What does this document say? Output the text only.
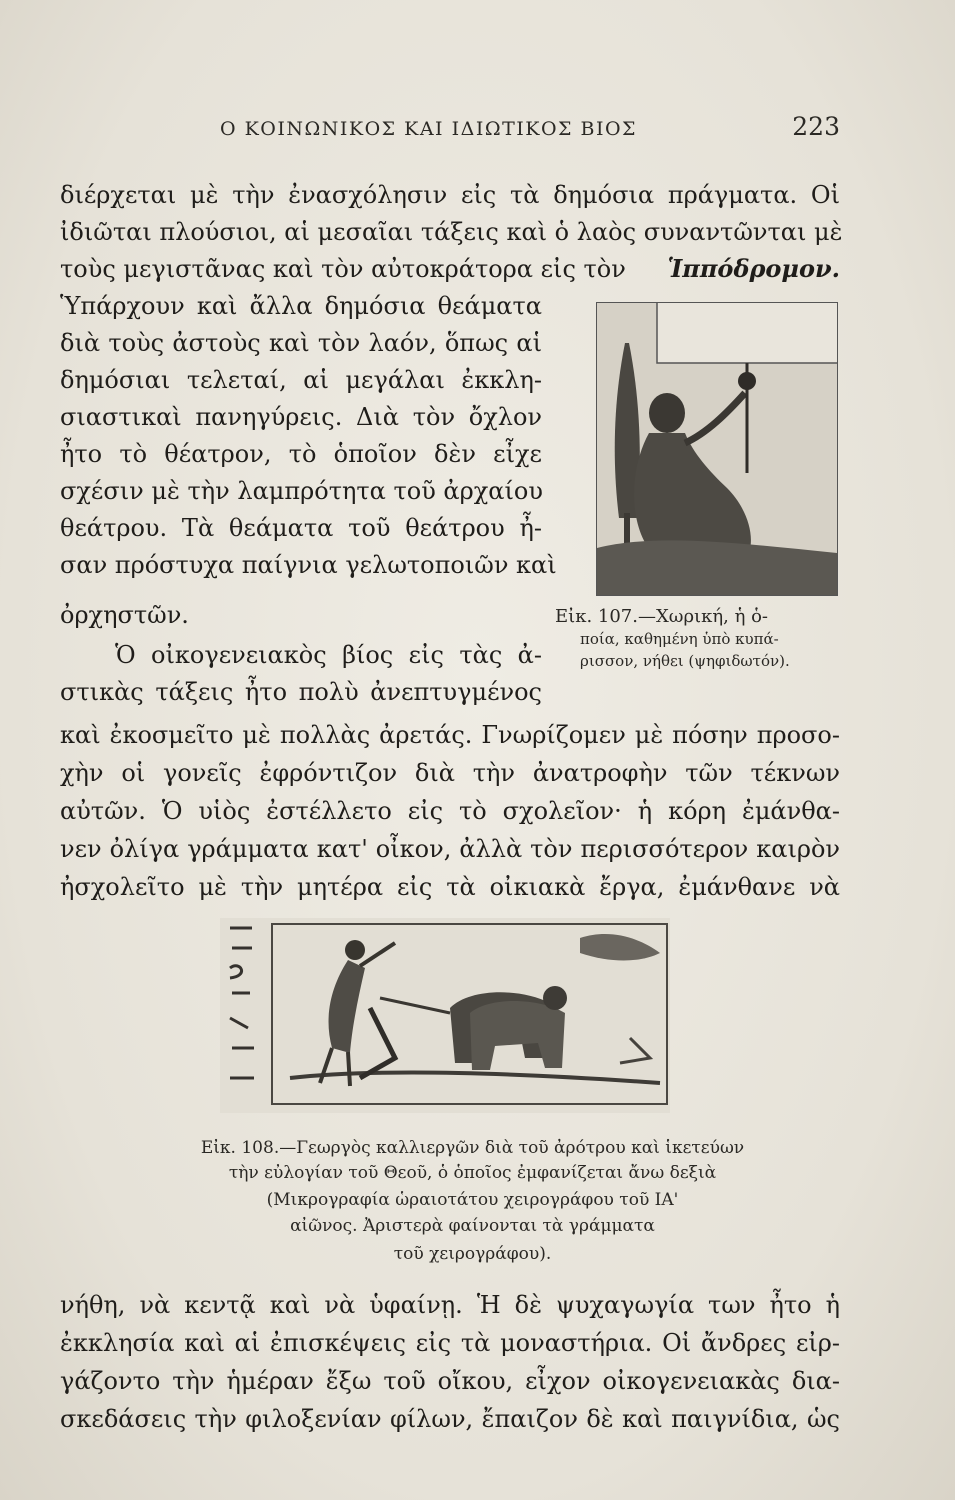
Ο ΚΟΙΝΩΝΙΚΟΣ ΚΑΙ ΙΔΙΩΤΙΚΟΣ ΒΙΟΣ	223
διέρχεται μὲ τὴν ἐνασχόλησιν εἰς τὰ δημόσια πράγματα. Οἱ
ἰδιῶται πλούσιοι, αἱ μεσαῖαι τάξεις καὶ ὁ λαὸς συναντῶνται μὲ
τοὺς μεγιστᾶνας καὶ τὸν αὐτοκράτορα εἰς τὸν Ἱππόδρομον.
Ὑπάρχουν καὶ ἄλλα δημόσια θεάματα
διὰ τοὺς ἀστοὺς καὶ τὸν λαόν, ὅπως αἱ
δημόσιαι τελεταί, αἱ μεγάλαι ἐκκλη-
σιαστικαὶ πανηγύρεις. Διὰ τὸν ὄχλον
ἦτο τὸ θέατρον, τὸ ὁποῖον δὲν εἶχε
σχέσιν μὲ τὴν λαμπρότητα τοῦ ἀρχαίου
θεάτρου. Τὰ θεάματα τοῦ θεάτρου ἦ-
σαν πρόστυχα παίγνια γελωτοποιῶν καὶ
ὀρχηστῶν.
Ὁ οἰκογενειακὸς βίος εἰς τὰς ἀ-
στικὰς τάξεις ἦτο πολὺ ἀνεπτυγμένος
Εἰκ. 107.—Χωρική, ἡ ὁ-
ποία, καθημένη ὑπὸ κυπά-
ρισσον, νήθει (ψηφιδωτόν).
καὶ ἐκοσμεῖτο μὲ πολλὰς ἀρετάς. Γνωρίζομεν μὲ πόσην προσο-
χὴν οἱ γονεῖς ἐφρόντιζον διὰ τὴν ἀνατροφὴν τῶν τέκνων
αὐτῶν. Ὁ υἱὸς ἐστέλλετο εἰς τὸ σχολεῖον· ἡ κόρη ἐμάνθα-
νεν ὀλίγα γράμματα κατ' οἶκον, ἀλλὰ τὸν περισσότερον καιρὸν
ἠσχολεῖτο μὲ τὴν μητέρα εἰς τὰ οἰκιακὰ ἔργα, ἐμάνθανε νὰ
Εἰκ. 108.—Γεωργὸς καλλιεργῶν διὰ τοῦ ἀρότρου καὶ ἱκετεύων
τὴν εὐλογίαν τοῦ Θεοῦ, ὁ ὁποῖος ἐμφανίζεται ἄνω δεξιὰ
(Μικρογραφία ὡραιοτάτου χειρογράφου τοῦ ΙΑ'
αἰῶνος. Ἀριστερὰ φαίνονται τὰ γράμματα
τοῦ χειρογράφου).
νήθη, νὰ κεντᾷ καὶ νὰ ὑφαίνῃ. Ἡ δὲ ψυχαγωγία των ἦτο ἡ
ἐκκλησία καὶ αἱ ἐπισκέψεις εἰς τὰ μοναστήρια. Οἱ ἄνδρες εἰρ-
γάζοντο τὴν ἡμέραν ἔξω τοῦ οἴκου, εἶχον οἰκογενειακὰς δια-
σκεδάσεις τὴν φιλοξενίαν φίλων, ἔπαιζον δὲ καὶ παιγνίδια, ὡς
